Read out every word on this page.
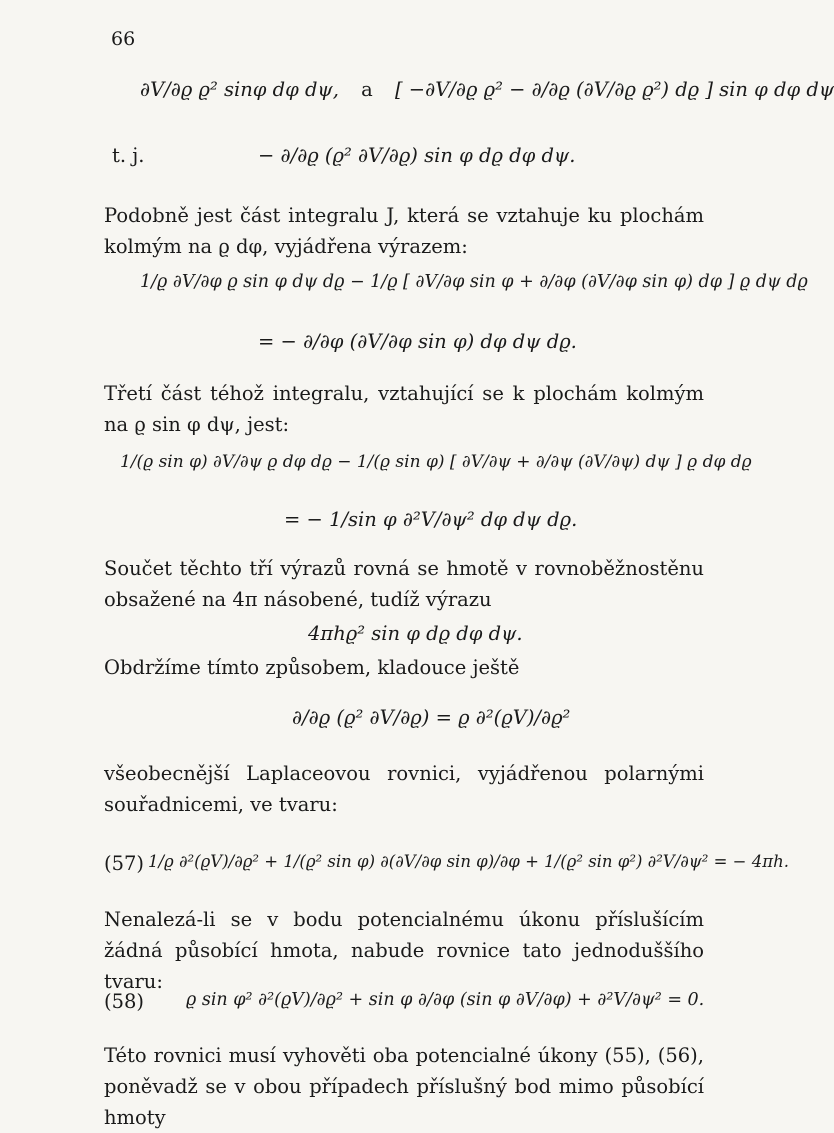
66
∂V/∂ϱ ϱ² sinφ dφ dψ, a [ −∂V/∂ϱ ϱ² − ∂/∂ϱ (∂V/∂ϱ ϱ²) dϱ ] sin φ dφ dψ
t. j.	− ∂/∂ϱ (ϱ² ∂V/∂ϱ) sin φ dϱ dφ dψ.
Podobně jest část integralu J, která se vztahuje ku plochám kolmým na ϱ dφ, vyjádřena výrazem:
1/ϱ ∂V/∂φ ϱ sin φ dψ dϱ − 1/ϱ [ ∂V/∂φ sin φ + ∂/∂φ (∂V/∂φ sin φ) dφ ] ϱ dψ dϱ
= − ∂/∂φ (∂V/∂φ sin φ) dφ dψ dϱ.
Třetí část téhož integralu, vztahující se k plochám kolmým na ϱ sin φ dψ, jest:
1/(ϱ sin φ) ∂V/∂ψ ϱ dφ dϱ − 1/(ϱ sin φ) [ ∂V/∂ψ + ∂/∂ψ (∂V/∂ψ) dψ ] ϱ dφ dϱ
= − 1/sin φ ∂²V/∂ψ² dφ dψ dϱ.
Součet těchto tří výrazů rovná se hmotě v rovnoběžnostěnu obsažené na 4π násobené, tudíž výrazu
4πhϱ² sin φ dϱ dφ dψ.
Obdržíme tímto způsobem, kladouce ještě
∂/∂ϱ (ϱ² ∂V/∂ϱ) = ϱ ∂²(ϱV)/∂ϱ²
všeobecnější Laplaceovou rovnici, vyjádřenou polarnými souřadnicemi, ve tvaru:
(57) 1/ϱ ∂²(ϱV)/∂ϱ² + 1/(ϱ² sin φ) ∂(∂V/∂φ sin φ)/∂φ + 1/(ϱ² sin φ²) ∂²V/∂ψ² = − 4πh.
Nenalezá-li se v bodu potencialnému úkonu příslušícím žádná působící hmota, nabude rovnice tato jednoduššího tvaru:
(58) ϱ sin φ² ∂²(ϱV)/∂ϱ² + sin φ ∂/∂φ (sin φ ∂V/∂φ) + ∂²V/∂ψ² = 0.
Této rovnici musí vyhověti oba potencialné úkony (55), (56), poněvadž se v obou případech příslušný bod mimo působící hmoty
